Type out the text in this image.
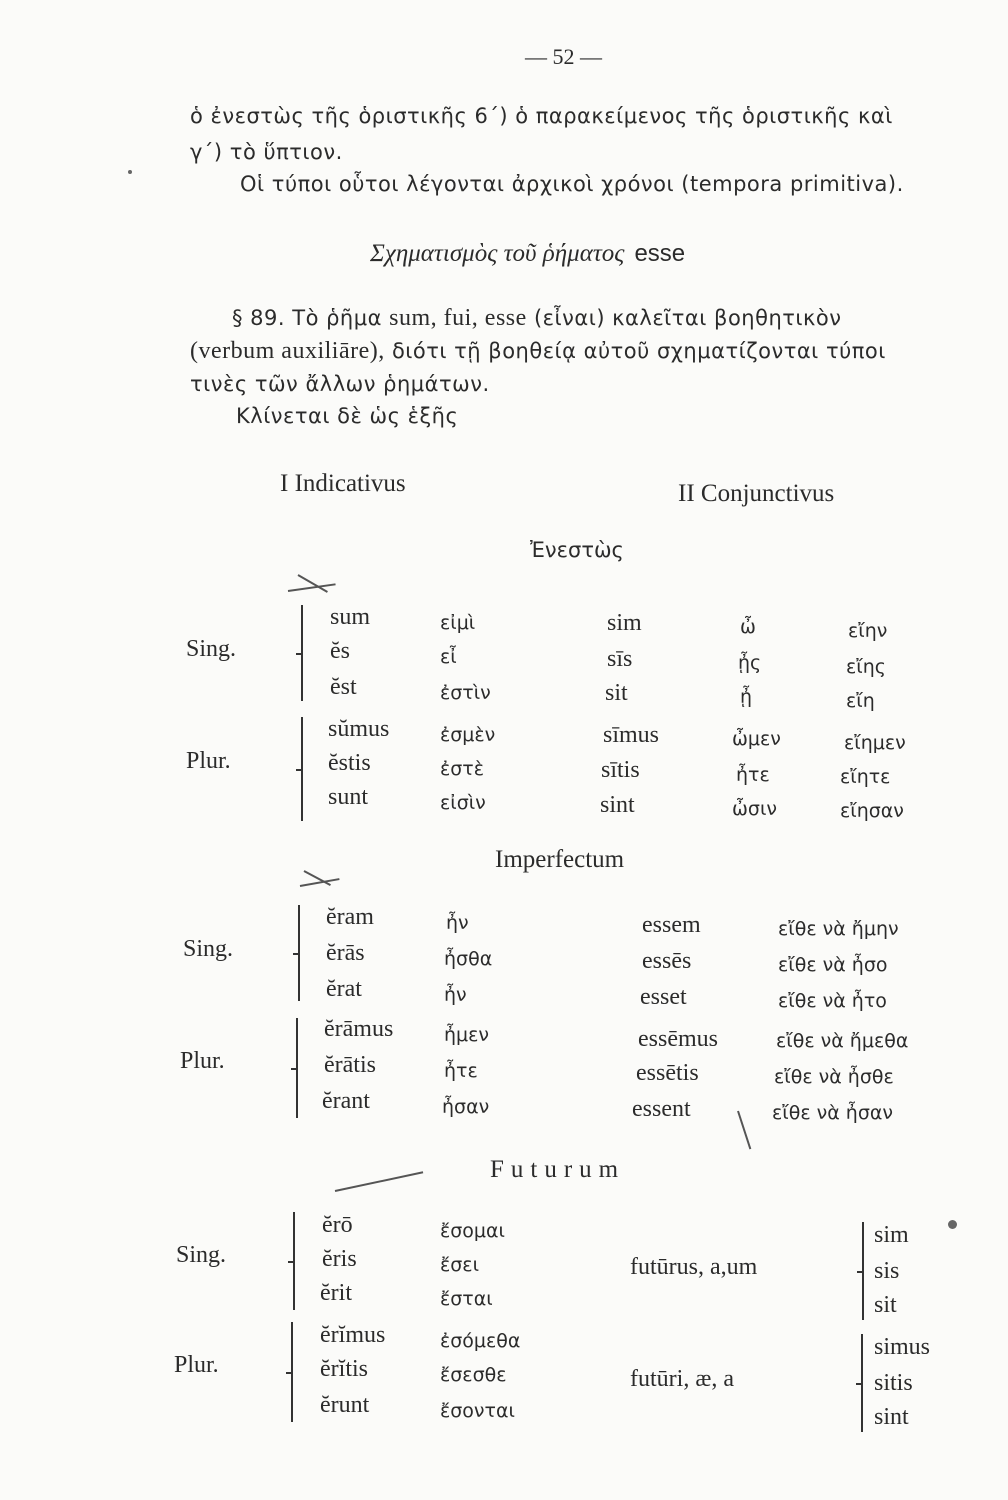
— 52 —
ὁ ἐνεστὼς τῆς ὁριστικῆς 6΄) ὁ παρακείμενος τῆς ὁριστικῆς καὶ
γ΄) τὸ ὕπτιον.
Οἱ τύποι οὗτοι λέγονται ἀρχικοὶ χρόνοι (tempora primitiva).
Σχηματισμὸς τοῦ ῥήματος esse
§ 89. Τὸ ῥῆμα sum, fui, esse (εἶναι) καλεῖται βοηθητικὸν
(verbum auxiliāre), διότι τῇ βοηθείᾳ αὐτοῦ σχηματίζονται τύποι
τινὲς τῶν ἄλλων ῥημάτων.
Κλίνεται δὲ ὡς ἑξῆς
I Indicativus	II Conjunctivus
Ἐνεστὼς
Sing.
Plur.
sum
ĕs
ĕst
sŭmus
ĕstis
sunt
εἰμὶ
εἶ
ἐστὶν
ἐσμὲν
ἐστὲ
εἰσὶν
sim
sīs
sit
sīmus
sītis
sint
ὦ
ᾖς
ᾖ
ὦμεν
ἦτε
ὦσιν
εἴην
εἴης
εἴη
εἴημεν
εἴητε
εἴησαν
Imperfectum
Sing.
Plur.
ĕram
ĕrās
ĕrat
ĕrāmus
ĕrātis
ĕrant
ἦν
ἦσθα
ἦν
ἦμεν
ἦτε
ἦσαν
essem
essēs
esset
essēmus
essētis
essent
εἴθε νὰ ἤμην
εἴθε νὰ ἦσο
εἴθε νὰ ἦτο
εἴθε νὰ ἤμεθα
εἴθε νὰ ἦσθε
εἴθε νὰ ἦσαν
Futurum
Sing.
Plur.
ĕrō
ĕris
ĕrit
ĕrĭmus
ĕrĭtis
ĕrunt
ἔσομαι
ἔσει
ἔσται
ἐσόμεθα
ἔσεσθε
ἔσονται
futūrus, a,um
futūri, æ, a
sim
sis
sit
simus
sitis
sint
